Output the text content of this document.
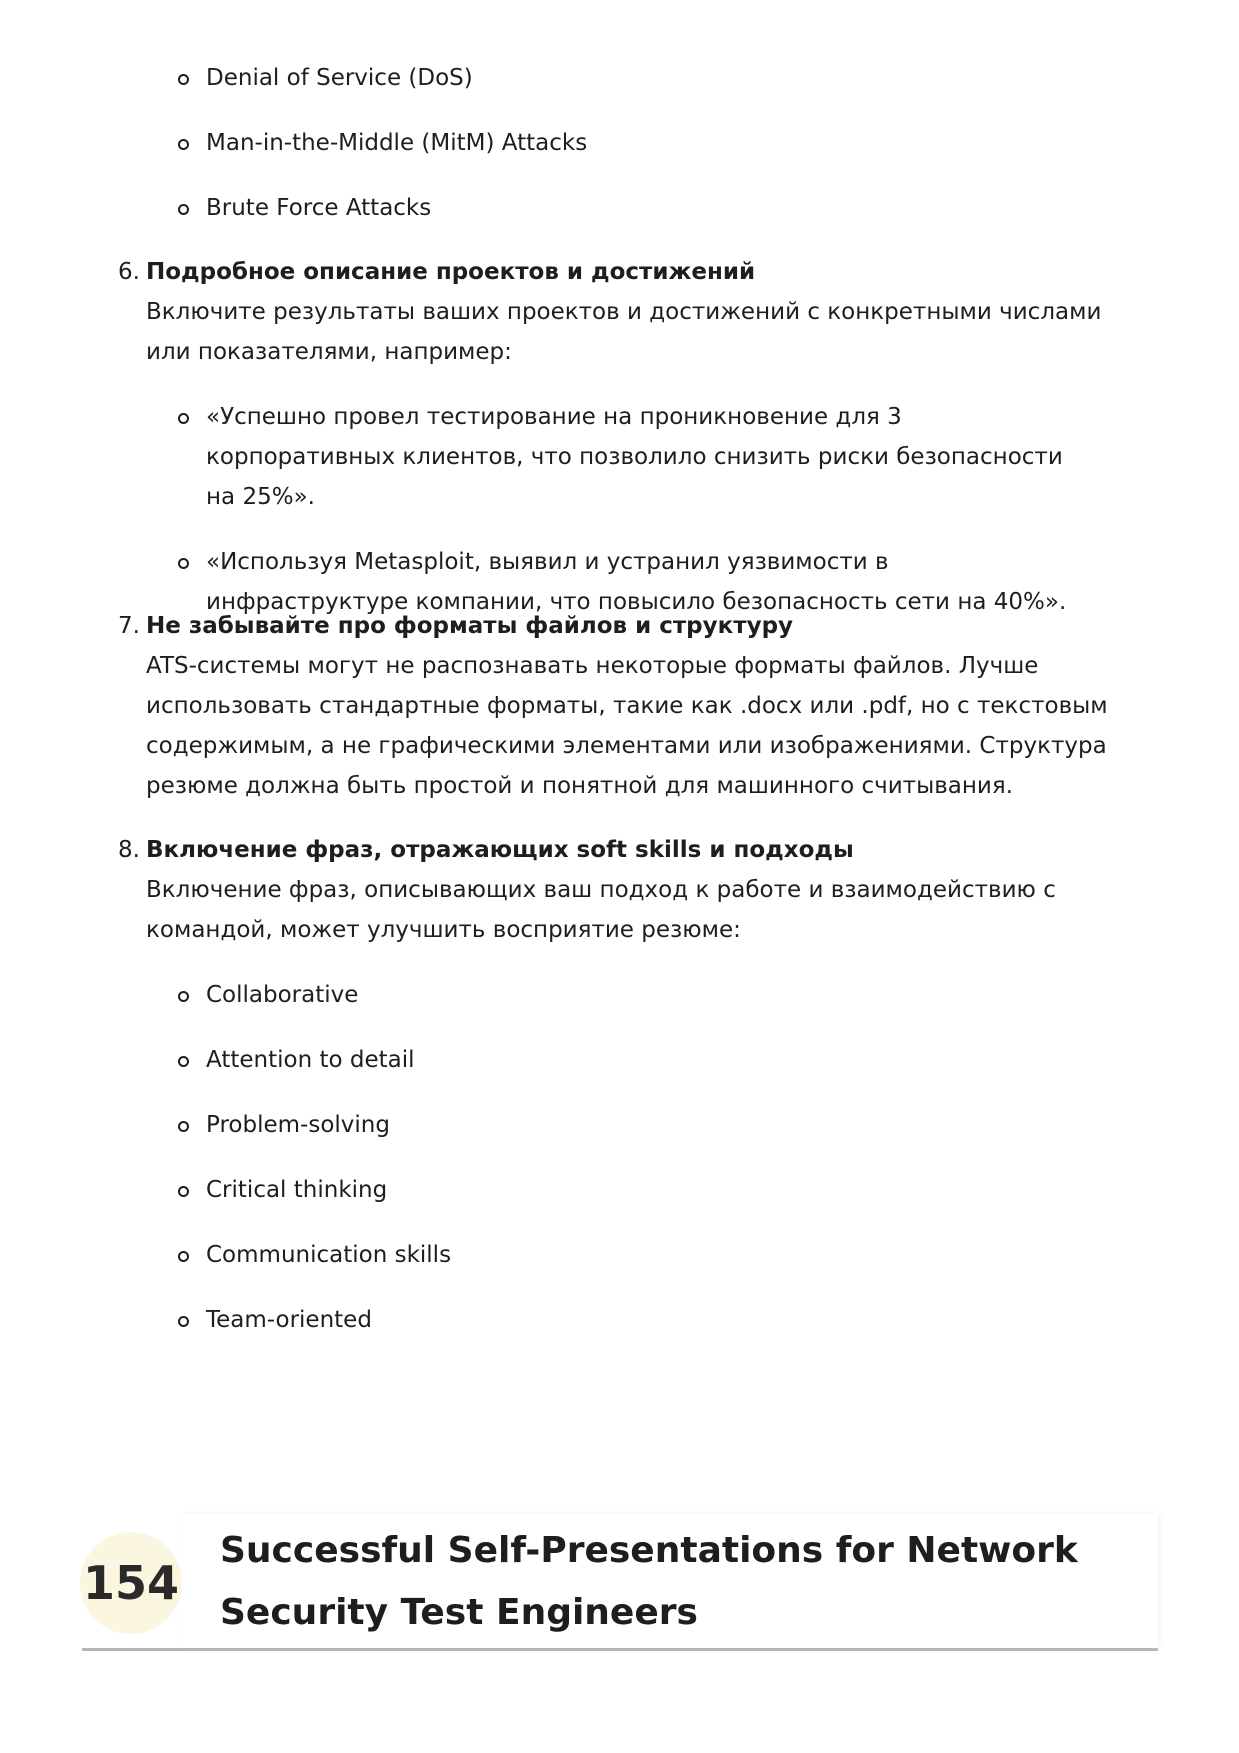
Denial of Service (DoS)
Man-in-the-Middle (MitM) Attacks
Brute Force Attacks
6. Подробное описание проектов и достижений
Включите результаты ваших проектов и достижений с конкретными числами или показателями, например:
«Успешно провел тестирование на проникновение для 3 корпоративных клиентов, что позволило снизить риски безопасности на 25%».
«Используя Metasploit, выявил и устранил уязвимости в инфраструктуре компании, что повысило безопасность сети на 40%».
7. Не забывайте про форматы файлов и структуру
ATS-системы могут не распознавать некоторые форматы файлов. Лучше использовать стандартные форматы, такие как .docx или .pdf, но с текстовым содержимым, а не графическими элементами или изображениями. Структура резюме должна быть простой и понятной для машинного считывания.
8. Включение фраз, отражающих soft skills и подходы
Включение фраз, описывающих ваш подход к работе и взаимодействию с командой, может улучшить восприятие резюме:
Collaborative
Attention to detail
Problem-solving
Critical thinking
Communication skills
Team-oriented
154
Successful Self-Presentations for Network Security Test Engineers
